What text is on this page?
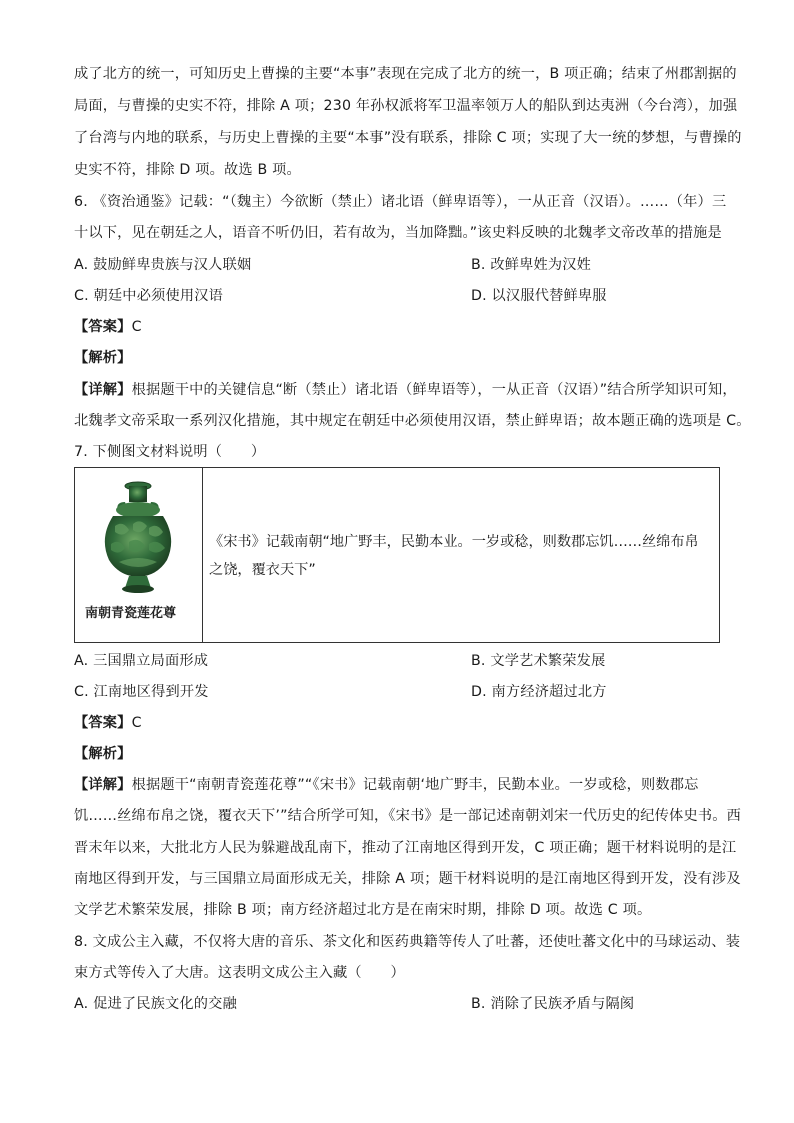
成了北方的统一，可知历史上曹操的主要“本事”表现在完成了北方的统一，B 项正确；结束了州郡割据的
局面，与曹操的史实不符，排除 A 项；230 年孙权派将军卫温率领万人的船队到达夷洲（今台湾），加强
了台湾与内地的联系，与历史上曹操的主要“本事”没有联系，排除 C 项；实现了大一统的梦想，与曹操的
史实不符，排除 D 项。故选 B 项。
6. 《资治通鉴》记载：“（魏主）今欲断（禁止）诸北语（鲜卑语等），一从正音（汉语）。……（年）三
十以下，见在朝廷之人，语音不听仍旧，若有故为，当加降黜。”该史料反映的北魏孝文帝改革的措施是
A. 鼓励鲜卑贵族与汉人联姻	B. 改鲜卑姓为汉姓
C. 朝廷中必须使用汉语	D. 以汉服代替鲜卑服
【答案】C
【解析】
【详解】根据题干中的关键信息“断（禁止）诸北语（鲜卑语等），一从正音（汉语）”结合所学知识可知，
北魏孝文帝采取一系列汉化措施，其中规定在朝廷中必须使用汉语，禁止鲜卑语；故本题正确的选项是 C。
7. 下侧图文材料说明（　　）
南朝青瓷莲花尊
《宋书》记载南朝“地广野丰，民勤本业。一岁或稔，则数郡忘饥……丝绵布帛之饶，覆衣天下”
A. 三国鼎立局面形成	B. 文学艺术繁荣发展
C. 江南地区得到开发	D. 南方经济超过北方
【答案】C
【解析】
【详解】根据题干“南朝青瓷莲花尊”“《宋书》记载南朝‘地广野丰，民勤本业。一岁或稔，则数郡忘
饥……丝绵布帛之饶，覆衣天下’”结合所学可知，《宋书》是一部记述南朝刘宋一代历史的纪传体史书。西
晋末年以来，大批北方人民为躲避战乱南下，推动了江南地区得到开发，C 项正确；题干材料说明的是江
南地区得到开发，与三国鼎立局面形成无关，排除 A 项；题干材料说明的是江南地区得到开发，没有涉及
文学艺术繁荣发展，排除 B 项；南方经济超过北方是在南宋时期，排除 D 项。故选 C 项。
8. 文成公主入藏，不仅将大唐的音乐、茶文化和医药典籍等传人了吐蕃，还使吐蕃文化中的马球运动、装
束方式等传入了大唐。这表明文成公主入藏（　　）
A. 促进了民族文化的交融	B. 消除了民族矛盾与隔阂
